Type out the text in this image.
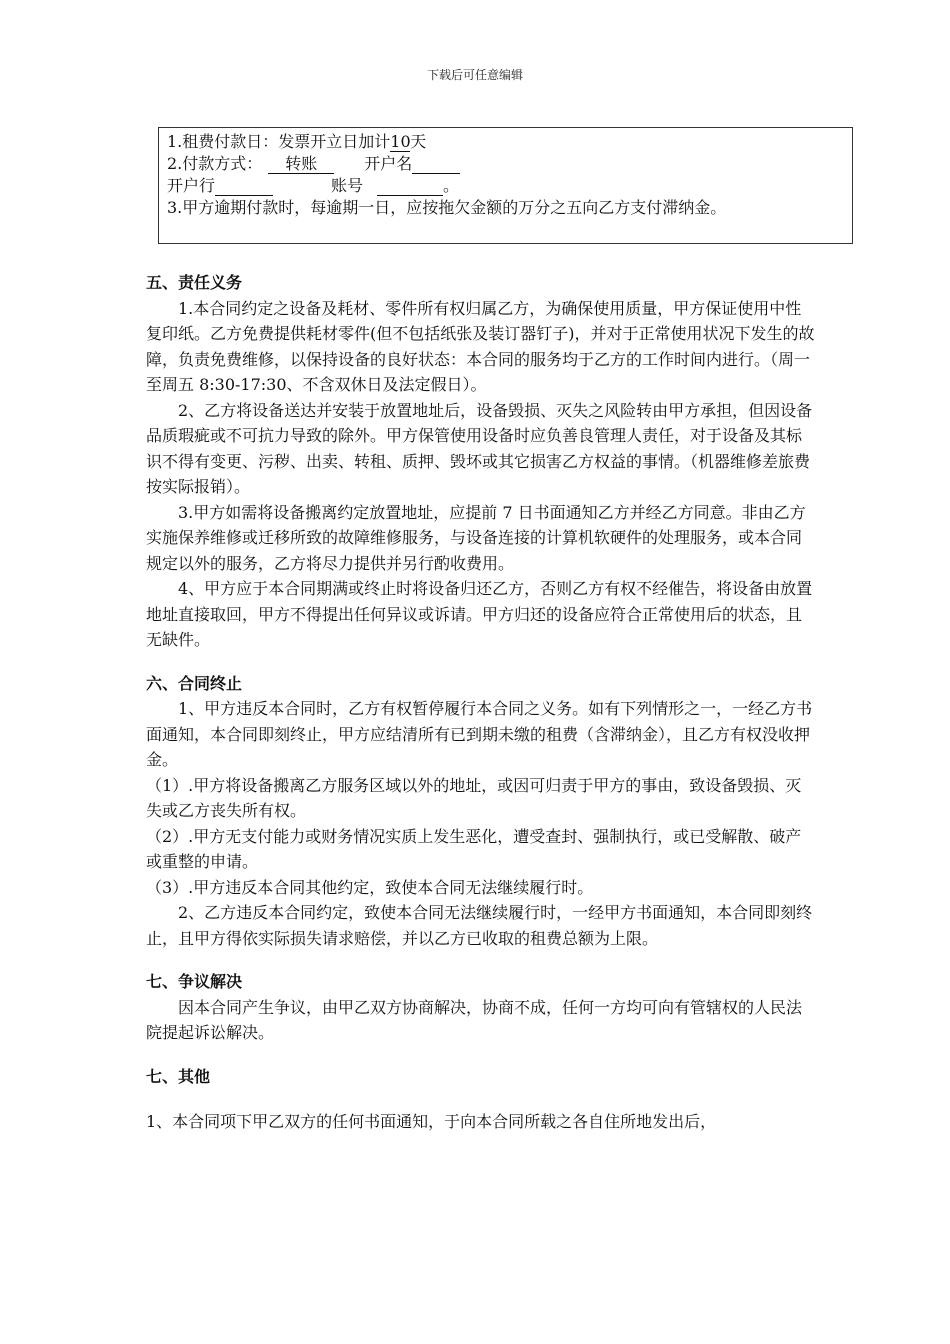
下载后可任意编辑
1.租费付款日：发票开立日加计10天
2.付款方式： 转账	开户名
开户行	账号	。
3.甲方逾期付款时，每逾期一日，应按拖欠金额的万分之五向乙方支付滞纳金。
五、责任义务

1.本合同约定之设备及耗材、零件所有权归属乙方，为确保使用质量，甲方保证使用中性复印纸。乙方免费提供耗材零件(但不包括纸张及装订器钉子)，并对于正常使用状况下发生的故障，负责免费维修，以保持设备的良好状态：本合同的服务均于乙方的工作时间内进行。（周一至周五 8:30-17:30、不含双休日及法定假日）。

2、乙方将设备送达并安装于放置地址后，设备毁损、灭失之风险转由甲方承担，但因设备品质瑕疵或不可抗力导致的除外。甲方保管使用设备时应负善良管理人责任，对于设备及其标识不得有变更、污秽、出卖、转租、质押、毁坏或其它损害乙方权益的事情。（机器维修差旅费按实际报销）。

3.甲方如需将设备搬离约定放置地址，应提前 7 日书面通知乙方并经乙方同意。非由乙方实施保养维修或迁移所致的故障维修服务，与设备连接的计算机软硬件的处理服务，或本合同规定以外的服务，乙方将尽力提供并另行酌收费用。

4、甲方应于本合同期满或终止时将设备归还乙方，否则乙方有权不经催告，将设备由放置地址直接取回，甲方不得提出任何异议或诉请。甲方归还的设备应符合正常使用后的状态，且无缺件。

六、合同终止

1、甲方违反本合同时，乙方有权暂停履行本合同之义务。如有下列情形之一，一经乙方书面通知，本合同即刻终止，甲方应结清所有已到期未缴的租费（含滞纳金），且乙方有权没收押金。

（1）.甲方将设备搬离乙方服务区域以外的地址，或因可归责于甲方的事由，致设备毁损、灭失或乙方丧失所有权。

（2）.甲方无支付能力或财务情况实质上发生恶化，遭受查封、强制执行，或已受解散、破产或重整的申请。

（3）.甲方违反本合同其他约定，致使本合同无法继续履行时。

2、乙方违反本合同约定，致使本合同无法继续履行时，一经甲方书面通知，本合同即刻终止，且甲方得依实际损失请求赔偿，并以乙方已收取的租费总额为上限。

七、争议解决

因本合同产生争议，由甲乙双方协商解决，协商不成，任何一方均可向有管辖权的人民法院提起诉讼解决。

七、其他

1、本合同项下甲乙双方的任何书面通知，于向本合同所载之各自住所地发出后，
